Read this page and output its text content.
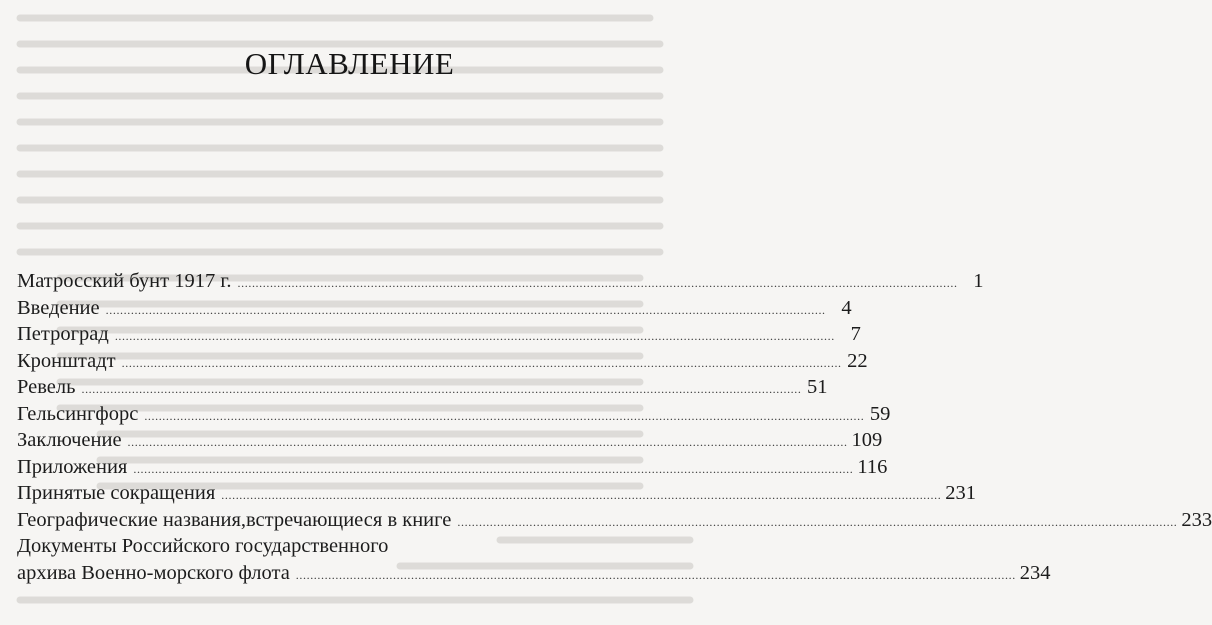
ОГЛАВЛЕНИЕ
Матросский бунт 1917 г. ........................................................................................................................................................................................................ 1
Введение ........................................................................................................................................................................................................ 4
Петроград ........................................................................................................................................................................................................ 7
Кронштадт ........................................................................................................................................................................................................ 22
Ревель ........................................................................................................................................................................................................ 51
Гельсингфорс ........................................................................................................................................................................................................ 59
Заключение ........................................................................................................................................................................................................ 109
Приложения ........................................................................................................................................................................................................ 116
Принятые сокращения ........................................................................................................................................................................................................ 231
Географические названия,встречающиеся в книге ........................................................................................................................................................................................................ 233
Документы Российского государственного
архива Военно-морского флота ........................................................................................................................................................................................................ 234
